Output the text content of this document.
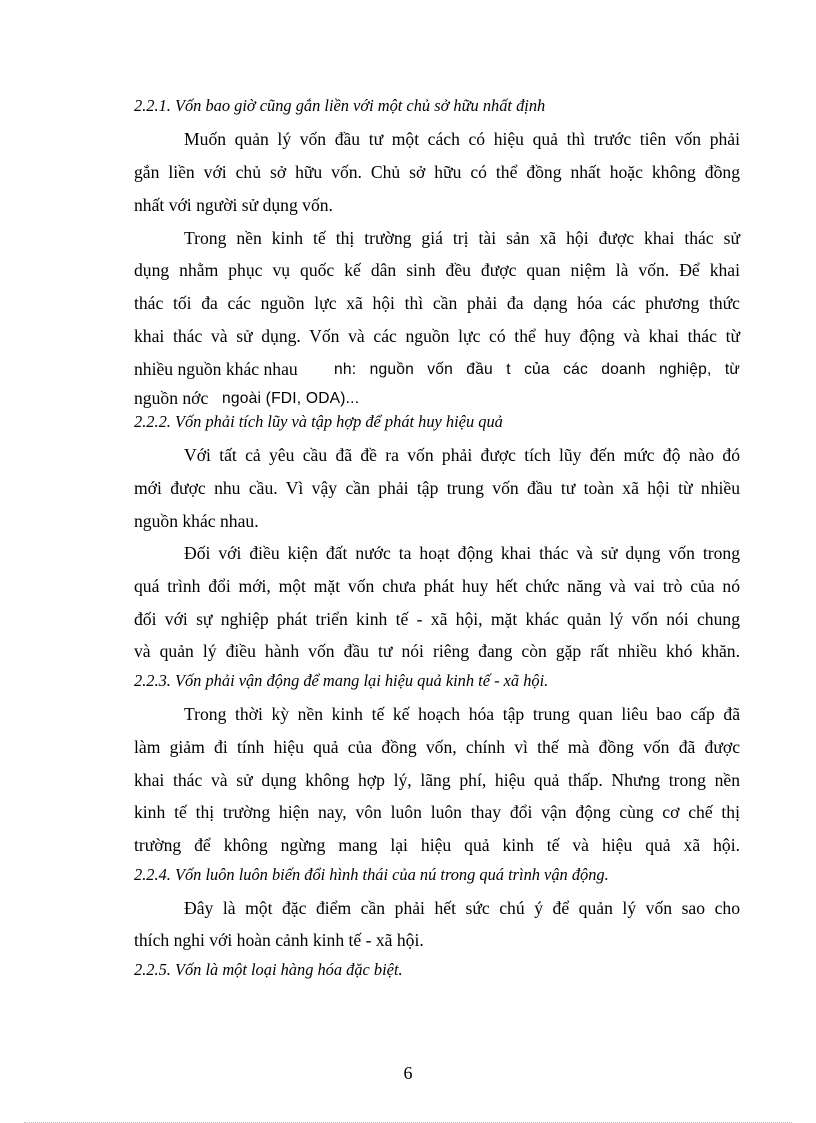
2.2.1. Vốn bao giờ cũng gắn liền với một chủ sở hữu nhất định
Muốn quản lý vốn đầu tư một cách có hiệu quả thì trước tiên vốn phải
gắn liền với chủ sở hữu vốn. Chủ sở hữu có thể đồng nhất hoặc không đồng
nhất với người sử dụng vốn.
Trong nền kinh tế thị trường giá trị tài sản xã hội được khai thác sử
dụng nhằm phục vụ quốc kế dân sinh đều được quan niệm là vốn. Để khai
thác tối đa các nguồn lực xã hội thì cần phải đa dạng hóa các phương thức
khai thác và sử dụng. Vốn và các nguồn lực có thể huy động và khai thác từ
nhiều nguồn khác nhau	nh: nguồn vốn đầu t của các doanh nghiệp, từ
nguồn nớc ngoài (FDI, ODA)...
2.2.2. Vốn phải tích lũy và tập hợp để phát huy hiệu quả
Với tất cả yêu cầu đã đề ra vốn phải được tích lũy đến mức độ nào đó
mới được nhu cầu. Vì vậy cần phải tập trung vốn đầu tư toàn xã hội từ nhiều
nguồn khác nhau.
Đối với điều kiện đất nước ta hoạt động khai thác và sử dụng vốn trong
quá trình đổi mới, một mặt vốn chưa phát huy hết chức năng và vai trò của nó
đối với sự nghiệp phát triển kinh tế - xã hội, mặt khác quản lý vốn nói chung
và quản lý điều hành vốn đầu tư nói riêng đang còn gặp rất nhiều khó khăn.
2.2.3. Vốn phải vận động để mang lại hiệu quả kinh tế - xã hội.
Trong thời kỳ nền kinh tế kế hoạch hóa tập trung quan liêu bao cấp đã
làm giảm đi tính hiệu quả của đồng vốn, chính vì thế mà đồng vốn đã được
khai thác và sử dụng không hợp lý, lãng phí, hiệu quả thấp. Nhưng trong nền
kinh tế thị trường hiện nay, vôn luôn luôn thay đổi vận động cùng cơ chế thị
trường để không ngừng mang lại hiệu quả kinh tế và hiệu quả xã hội.
2.2.4. Vốn luôn luôn biến đổi hình thái của nú trong quá trình vận động.
Đây là một đặc điểm cần phải hết sức chú ý để quản lý vốn sao cho
thích nghi với hoàn cảnh kinh tế - xã hội.
2.2.5. Vốn là một loại hàng hóa đặc biệt.
6
